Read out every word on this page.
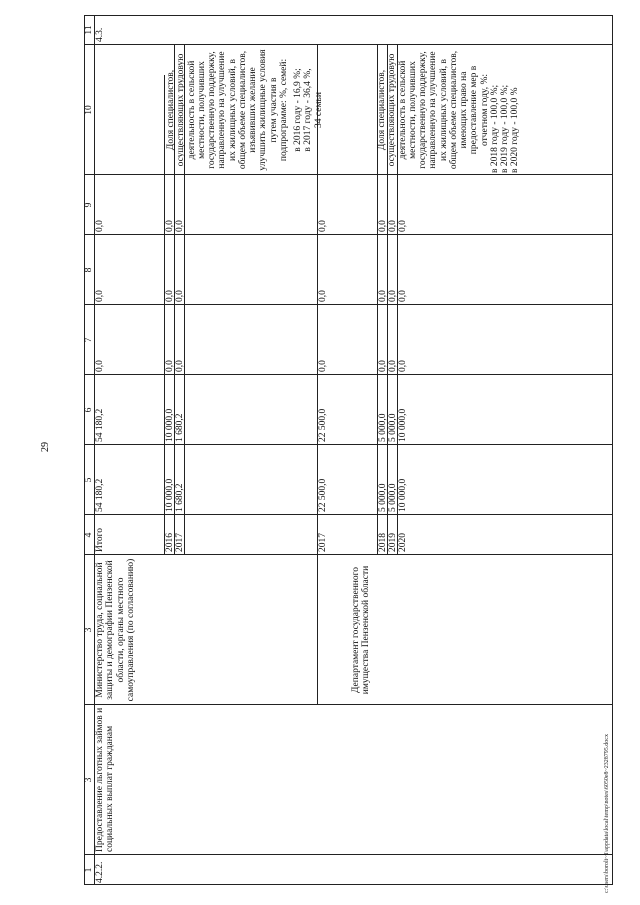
29
c:\users\boroli~1\appdata\local\temp\notes\6050e8~2328795.docx
1
3
3
4
5
6
7
8
9
10
11
4.2.2.
Предоставление льготных займов и социальных выплат гражданам
Министерство труда, социальной защиты и демографии Пензенской области, органы местного самоуправления (по согласованию)	Департамент государственного имущества Пензенской области
Итого
54 180,2
54 180,2
0,0
0,0
0,0
2016
10 000,0
10 000,0
0,0
0,0
0,0
2017
1 680,2
1 680,2
0,0
0,0
0,0
2017
22 500,0
22 500,0
0,0
0,0
0,0
2018
5 000,0
5 000,0
0,0
0,0
0,0
2019
5 000,0
5 000,0
0,0
0,0
0,0
2020
10 000,0
10 000,0
0,0
0,0
0,0
Доля специалистов, осуществляющих трудовую деятельность в сельской местности, получивших государственную поддержку, направленную на улучшение их жилищных условий, в общем объеме специалистов, изъявивших желание улучшить жилищные условия путем участия в подпрограмме: %, семей: в 2016 году - 16,9 %; в 2017 году - 36,4 %, 34 семьи	Доля специалистов, осуществляющих трудовую деятельность в сельской местности, получивших государственную поддержку, направленную на улучшение их жилищных условий, в общем объеме специалистов, имеющих право на предоставление мер в отчетном году, %: в 2018 году - 100,0 %; в 2019 году - 100,0 %; в 2020 году - 100,0 %
4.3.
